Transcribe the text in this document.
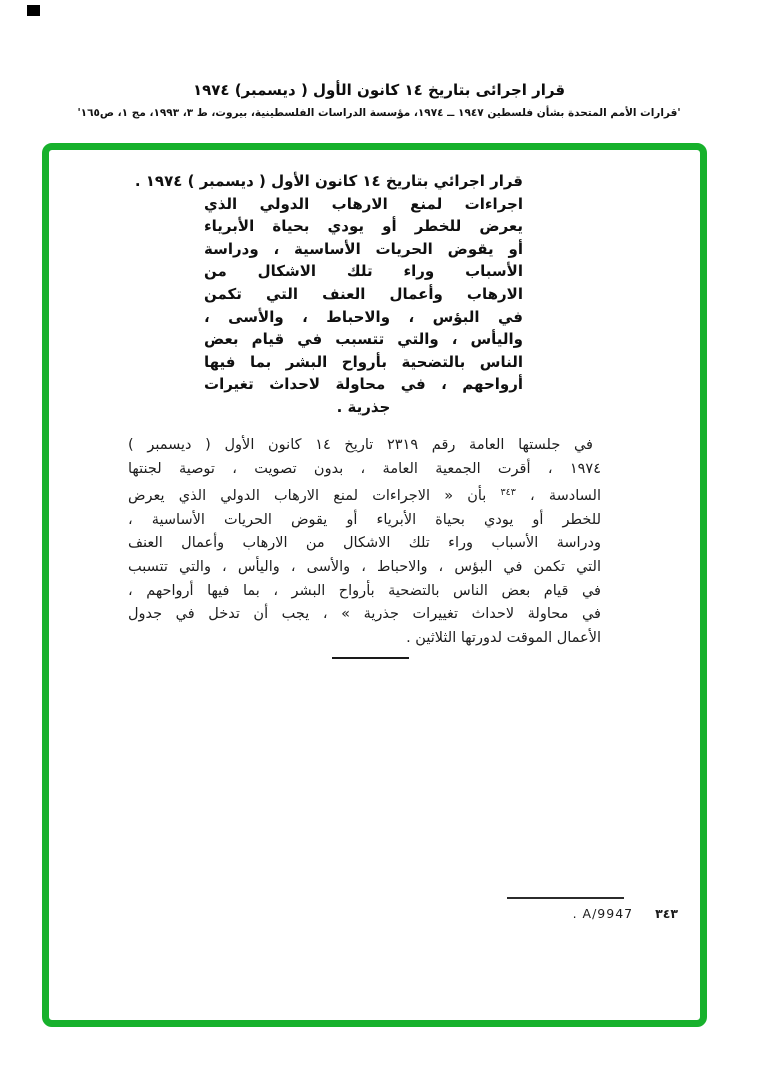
قرار اجرائى بتاريخ ١٤ كانون الأول ( ديسمبر) ١٩٧٤
'قرارات الأمم المتحدة بشأن فلسطين ١٩٤٧ ــ ١٩٧٤، مؤسسة الدراسات الفلسطينية، بيروت، ط ٣، ١٩٩٣، مج ١، ص١٦٥'
قرار اجرائي بتاريخ ١٤ كانون الأول ( ديسمبر ) ١٩٧٤ .
اجراءات لمنع الارهاب الدولي الذي
يعرض للخطر أو يودي بحياة الأبرياء
أو يقوض الحريات الأساسية ، ودراسة
الأسباب وراء تلك الاشكال من
الارهاب وأعمال العنف التي تكمن
في البؤس ، والاحباط ، والأسى ،
واليأس ، والتي تتسبب في قيام بعض
الناس بالتضحية بأرواح البشر بما فيها
أرواحهم ، في محاولة لاحداث تغيرات
جذرية .
في جلستها العامة رقم ٢٣١٩ تاريخ ١٤ كانون الأول ( ديسمبر )
١٩٧٤ ، أقرت الجمعية العامة ، بدون تصويت ، توصية لجنتها
السادسة ، $^{٣٤٣}$ بأن « الاجراءات لمنع الارهاب الدولي الذي يعرض
للخطر أو يودي بحياة الأبرياء أو يقوض الحريات الأساسية ،
ودراسة الأسباب وراء تلك الاشكال من الارهاب وأعمال العنف
التي تكمن في البؤس ، والاحباط ، والأسى ، واليأس ، والتي تتسبب
في قيام بعض الناس بالتضحية بأرواح البشر ، بما فيها أرواحهم ،
في محاولة لاحداث تغييرات جذرية » ، يجب أن تدخل في جدول
الأعمال الموقت لدورتها الثلاثين .
٣٤٣
A/9947 .
